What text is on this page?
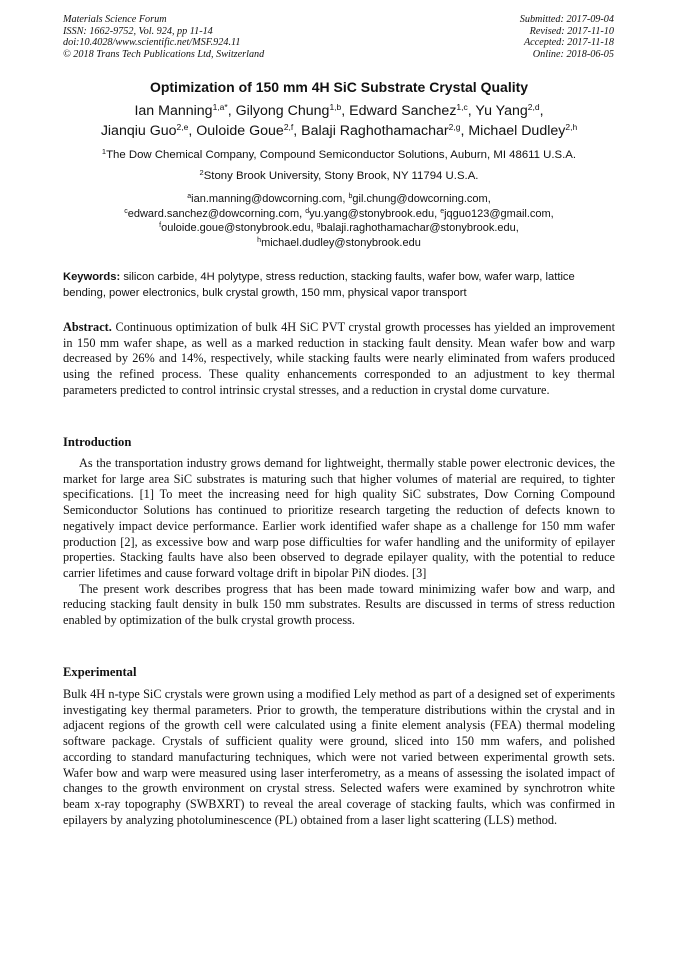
Materials Science Forum
ISSN: 1662-9752, Vol. 924, pp 11-14
doi:10.4028/www.scientific.net/MSF.924.11
© 2018 Trans Tech Publications Ltd, Switzerland
Submitted: 2017-09-04
Revised: 2017-11-10
Accepted: 2017-11-18
Online: 2018-06-05
Optimization of 150 mm 4H SiC Substrate Crystal Quality
Ian Manning$^{1,a*}$, Gilyong Chung$^{1,b}$, Edward Sanchez$^{1,c}$, Yu Yang$^{2,d}$,
Jianqiu Guo$^{2,e}$, Ouloide Goue$^{2,f}$, Balaji Raghothamachar$^{2,g}$, Michael Dudley$^{2,h}$
$^1$The Dow Chemical Company, Compound Semiconductor Solutions, Auburn, MI 48611 U.S.A.
$^2$Stony Brook University, Stony Brook, NY 11794 U.S.A.
$^a$ian.manning@dowcorning.com, $^b$gil.chung@dowcorning.com,
$^c$edward.sanchez@dowcorning.com, $^d$yu.yang@stonybrook.edu, $^e$jqguo123@gmail.com,
$^f$ouloide.goue@stonybrook.edu, $^g$balaji.raghothamachar@stonybrook.edu,
$^h$michael.dudley@stonybrook.edu
Keywords: silicon carbide, 4H polytype, stress reduction, stacking faults, wafer bow, wafer warp, lattice bending, power electronics, bulk crystal growth, 150 mm, physical vapor transport

Abstract. Continuous optimization of bulk 4H SiC PVT crystal growth processes has yielded an improvement in 150 mm wafer shape, as well as a marked reduction in stacking fault density. Mean wafer bow and warp decreased by 26% and 14%, respectively, while stacking faults were nearly eliminated from wafers produced using the refined process. These quality enhancements corresponded to an adjustment to key thermal parameters predicted to control intrinsic crystal stresses, and a reduction in crystal dome curvature.

Introduction

As the transportation industry grows demand for lightweight, thermally stable power electronic devices, the market for large area SiC substrates is maturing such that higher volumes of material are required, to tighter specifications. [1] To meet the increasing need for high quality SiC substrates, Dow Corning Compound Semiconductor Solutions has continued to prioritize research targeting the reduction of defects known to negatively impact device performance. Earlier work identified wafer shape as a challenge for 150 mm wafer production [2], as excessive bow and warp pose difficulties for wafer handling and the uniformity of epilayer properties. Stacking faults have also been observed to degrade epilayer quality, with the potential to reduce carrier lifetimes and cause forward voltage drift in bipolar PiN diodes. [3]

The present work describes progress that has been made toward minimizing wafer bow and warp, and reducing stacking fault density in bulk 150 mm substrates. Results are discussed in terms of stress reduction enabled by optimization of the bulk crystal growth process.

Experimental

Bulk 4H n-type SiC crystals were grown using a modified Lely method as part of a designed set of experiments investigating key thermal parameters. Prior to growth, the temperature distributions within the crystal and in adjacent regions of the growth cell were calculated using a finite element analysis (FEA) thermal modeling software package. Crystals of sufficient quality were ground, sliced into 150 mm wafers, and polished according to standard manufacturing techniques, which were not varied between experimental growth sets. Wafer bow and warp were measured using laser interferometry, as a means of assessing the isolated impact of changes to the growth environment on crystal stress. Selected wafers were examined by synchrotron white beam x-ray topography (SWBXRT) to reveal the areal coverage of stacking faults, which was confirmed in epilayers by analyzing photoluminescence (PL) obtained from a laser light scattering (LLS) method.
